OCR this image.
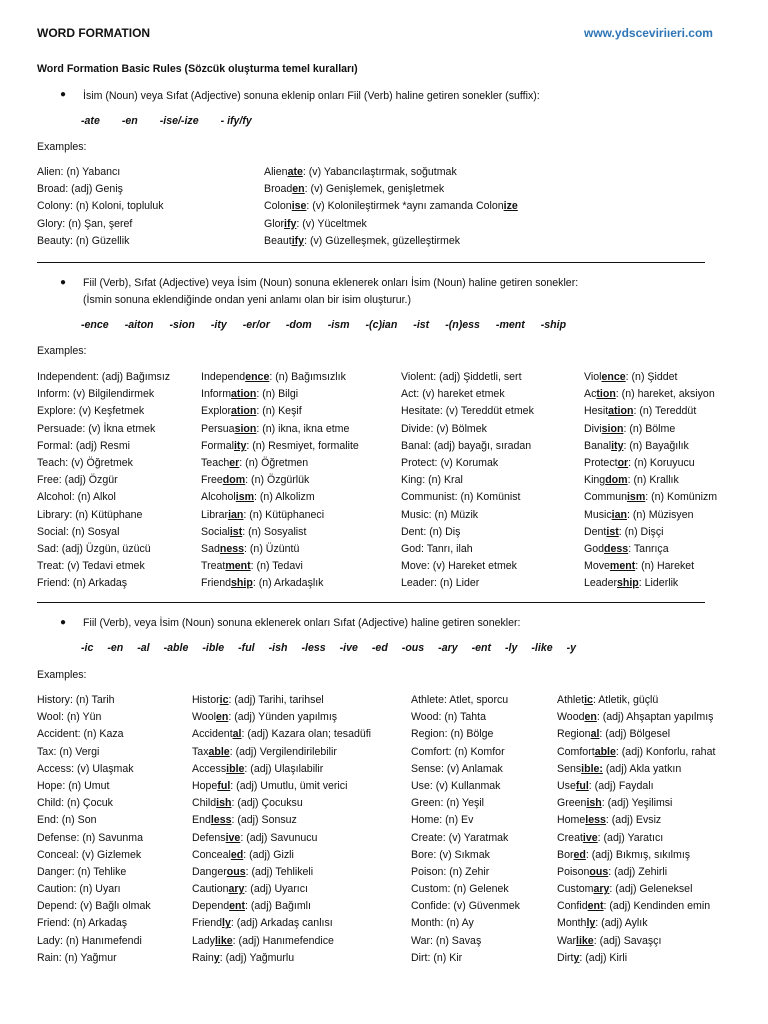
WORD FORMATION	www.ydsceviriıeri.com
Word Formation Basic Rules (Sözcük oluşturma temel kuralları)
● İsim (Noun) veya Sıfat (Adjective) sonuna eklenip onları Fiil (Verb) haline getiren sonekler (suffix):
-ate -en -ise/-ize - ify/fy
Examples:
Alien: (n) Yabancı
Broad: (adj) Geniş
Colony: (n) Koloni, topluluk
Glory: (n) Şan, şeref
Beauty: (n) Güzellik
Alienate: (v) Yabancılaştırmak, soğutmak
Broaden: (v) Genişlemek, genişletmek
Colonise: (v) Kolonileştirmek *aynı zamanda Colonize
Glorify: (v) Yüceltmek
Beautify: (v) Güzelleşmek, güzelleştirmek
● Fiil (Verb), Sıfat (Adjective) veya İsim (Noun) sonuna eklenerek onları İsim (Noun) haline getiren sonekler:
(İsmin sonuna eklendiğinde ondan yeni anlamı olan bir isim oluşturur.)
-ence -aiton -sion -ity -er/or -dom -ism -(c)ian -ist -(n)ess -ment -ship
Examples:
Independent: (adj) Bağımsız
Inform: (v) Bilgilendirmek
Explore: (v) Keşfetmek
Persuade: (v) İkna etmek
Formal: (adj) Resmi
Teach: (v) Öğretmek
Free: (adj) Özgür
Alcohol: (n) Alkol
Library: (n) Kütüphane
Social: (n) Sosyal
Sad: (adj) Üzgün, üzücü
Treat: (v) Tedavi etmek
Friend: (n) Arkadaş
Independence: (n) Bağımsızlık
Information: (n) Bilgi
Exploration: (n) Keşif
Persuasion: (n) ikna, ikna etme
Formality: (n) Resmiyet, formalite
Teacher: (n) Öğretmen
Freedom: (n) Özgürlük
Alcoholism: (n) Alkolizm
Librarian: (n) Kütüphaneci
Socialist: (n) Sosyalist
Sadness: (n) Üzüntü
Treatment: (n) Tedavi
Friendship: (n) Arkadaşlık
Violent: (adj) Şiddetli, sert
Act: (v) hareket etmek
Hesitate: (v) Tereddüt etmek
Divide: (v) Bölmek
Banal: (adj) bayağı, sıradan
Protect: (v) Korumak
King: (n) Kral
Communist: (n) Komünist
Music: (n) Müzik
Dent: (n) Diş
God: Tanrı, ilah
Move: (v) Hareket etmek
Leader: (n) Lider
Violence: (n) Şiddet
Action: (n) hareket, aksiyon
Hesitation: (n) Tereddüt
Division: (n) Bölme
Banality: (n) Bayağılık
Protector: (n) Koruyucu
Kingdom: (n) Krallık
Communism: (n) Komünizm
Musician: (n) Müzisyen
Dentist: (n) Dişçi
Goddess: Tanrıça
Movement: (n) Hareket
Leadership: Liderlik
● Fiil (Verb), veya İsim (Noun) sonuna eklenerek onları Sıfat (Adjective) haline getiren sonekler:
-ic -en -al -able -ible -ful -ish -less -ive -ed -ous -ary -ent -ly -like -y
Examples:
History: (n) Tarih
Wool: (n) Yün
Accident: (n) Kaza
Tax: (n) Vergi
Access: (v) Ulaşmak
Hope: (n) Umut
Child: (n) Çocuk
End: (n) Son
Defense: (n) Savunma
Conceal: (v) Gizlemek
Danger: (n) Tehlike
Caution: (n) Uyarı
Depend: (v) Bağlı olmak
Friend: (n) Arkadaş
Lady: (n) Hanımefendi
Rain: (n) Yağmur
Historic: (adj) Tarihi, tarihsel
Woolen: (adj) Yünden yapılmış
Accidental: (adj) Kazara olan; tesadüfi
Taxable: (adj) Vergilendirilebilir
Accessible: (adj) Ulaşılabilir
Hopeful: (adj) Umutlu, ümit verici
Childish: (adj) Çocuksu
Endless: (adj) Sonsuz
Defensive: (adj) Savunucu
Concealed: (adj) Gizli
Dangerous: (adj) Tehlikeli
Cautionary: (adj) Uyarıcı
Dependent: (adj) Bağımlı
Friendly: (adj) Arkadaş canlısı
Ladylike: (adj) Hanımefendice
Rainy: (adj) Yağmurlu
Athlete: Atlet, sporcu
Wood: (n) Tahta
Region: (n) Bölge
Comfort: (n) Komfor
Sense: (v) Anlamak
Use: (v) Kullanmak
Green: (n) Yeşil
Home: (n) Ev
Create: (v) Yaratmak
Bore: (v) Sıkmak
Poison: (n) Zehir
Custom: (n) Gelenek
Confide: (v) Güvenmek
Month: (n) Ay
War: (n) Savaş
Dirt: (n) Kir
Athletic: Atletik, güçlü
Wooden: (adj) Ahşaptan yapılmış
Regional: (adj) Bölgesel
Comfortable: (adj) Konforlu, rahat
Sensible: (adj) Akla yatkın
Useful: (adj) Faydalı
Greenish: (adj) Yeşilimsi
Homeless: (adj) Evsiz
Creative: (adj) Yaratıcı
Bored: (adj) Bıkmış, sıkılmış
Poisonous: (adj) Zehirli
Customary: (adj) Geleneksel
Confident: (adj) Kendinden emin
Monthly: (adj) Aylık
Warlike: (adj) Savaşçı
Dirty: (adj) Kirli
